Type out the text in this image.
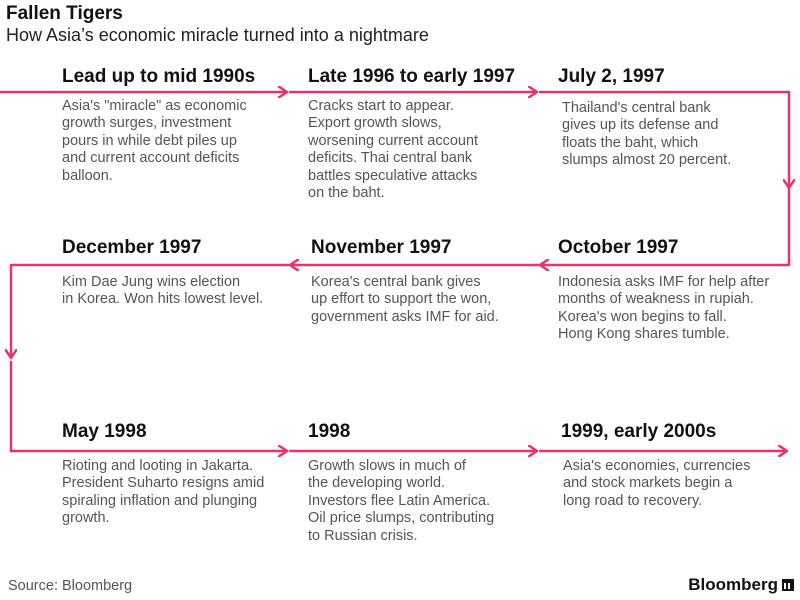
Fallen Tigers
How Asia’s economic miracle turned into a nightmare
Lead up to mid 1990s
Asia's "miracle" as economic
growth surges, investment
pours in while debt piles up
and current account deficits
balloon.
Late 1996 to early 1997
Cracks start to appear.
Export growth slows,
worsening current account
deficits. Thai central bank
battles speculative attacks
on the baht.
July 2, 1997
Thailand's central bank
gives up its defense and
floats the baht, which
slumps almost 20 percent.
December 1997
Kim Dae Jung wins election
in Korea. Won hits lowest level.
November 1997
Korea's central bank gives
up effort to support the won,
government asks IMF for aid.
October 1997
Indonesia asks IMF for help after
months of weakness in rupiah.
Korea's won begins to fall.
Hong Kong shares tumble.
May 1998
Rioting and looting in Jakarta.
President Suharto resigns amid
spiraling inflation and plunging
growth.
1998
Growth slows in much of
the developing world.
Investors flee Latin America.
Oil price slumps, contributing
to Russian crisis.
1999, early 2000s
Asia's economies, currencies
and stock markets begin a
long road to recovery.
Source: Bloomberg	Bloomberg
